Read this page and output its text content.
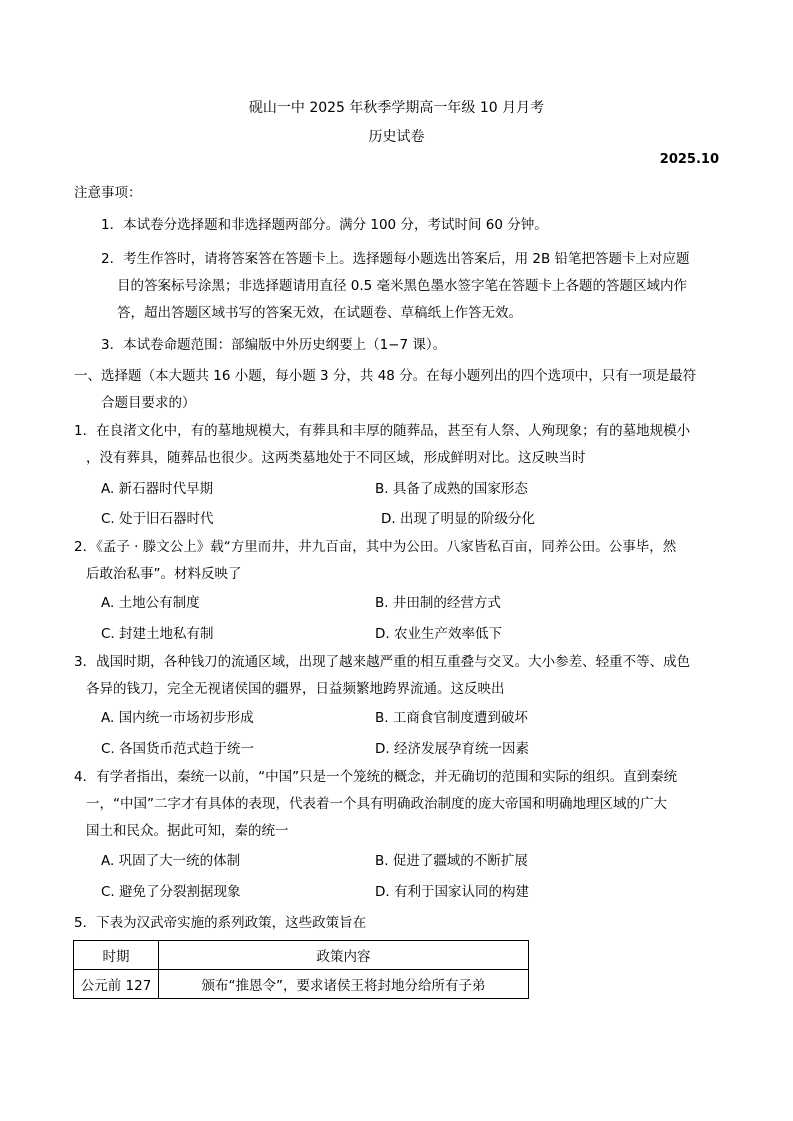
砚山一中 2025 年秋季学期高一年级 10 月月考
历史试卷
2025.10
注意事项：
1．本试卷分选择题和非选择题两部分。满分 100 分，考试时间 60 分钟。
2．考生作答时，请将答案答在答题卡上。选择题每小题选出答案后，用 2B 铅笔把答题卡上对应题
目的答案标号涂黑；非选择题请用直径 0.5 毫米黑色墨水签字笔在答题卡上各题的答题区域内作
答，超出答题区域书写的答案无效，在试题卷、草稿纸上作答无效。
3．本试卷命题范围：部编版中外历史纲要上（1−7 课）。
一、选择题（本大题共 16 小题，每小题 3 分，共 48 分。在每小题列出的四个选项中，只有一项是最符
合题目要求的）
1．在良渚文化中，有的墓地规模大，有葬具和丰厚的随葬品，甚至有人祭、人殉现象；有的墓地规模小
，没有葬具，随葬品也很少。这两类墓地处于不同区域，形成鲜明对比。这反映当时
A. 新石器时代早期	B. 具备了成熟的国家形态
C. 处于旧石器时代	D. 出现了明显的阶级分化
2．《孟子 · 滕文公上》载“方里而井，井九百亩，其中为公田。八家皆私百亩，同养公田。公事毕，然
后敢治私事”。材料反映了
A. 土地公有制度	B. 井田制的经营方式
C. 封建土地私有制	D. 农业生产效率低下
3．战国时期，各种钱刀的流通区域，出现了越来越严重的相互重叠与交叉。大小参差、轻重不等、成色
各异的钱刀，完全无视诸侯国的疆界，日益频繁地跨界流通。这反映出
A. 国内统一市场初步形成	B. 工商食官制度遭到破坏
C. 各国货币范式趋于统一	D. 经济发展孕育统一因素
4．有学者指出，秦统一以前，“中国”只是一个笼统的概念，并无确切的范围和实际的组织。直到秦统
一，“中国”二字才有具体的表现，代表着一个具有明确政治制度的庞大帝国和明确地理区域的广大
国土和民众。据此可知，秦的统一
A. 巩固了大一统的体制	B. 促进了疆域的不断扩展
C. 避免了分裂割据现象	D. 有利于国家认同的构建
5．下表为汉武帝实施的系列政策，这些政策旨在
时期	政策内容
公元前 127	颁布“推恩令”，要求诸侯王将封地分给所有子弟
